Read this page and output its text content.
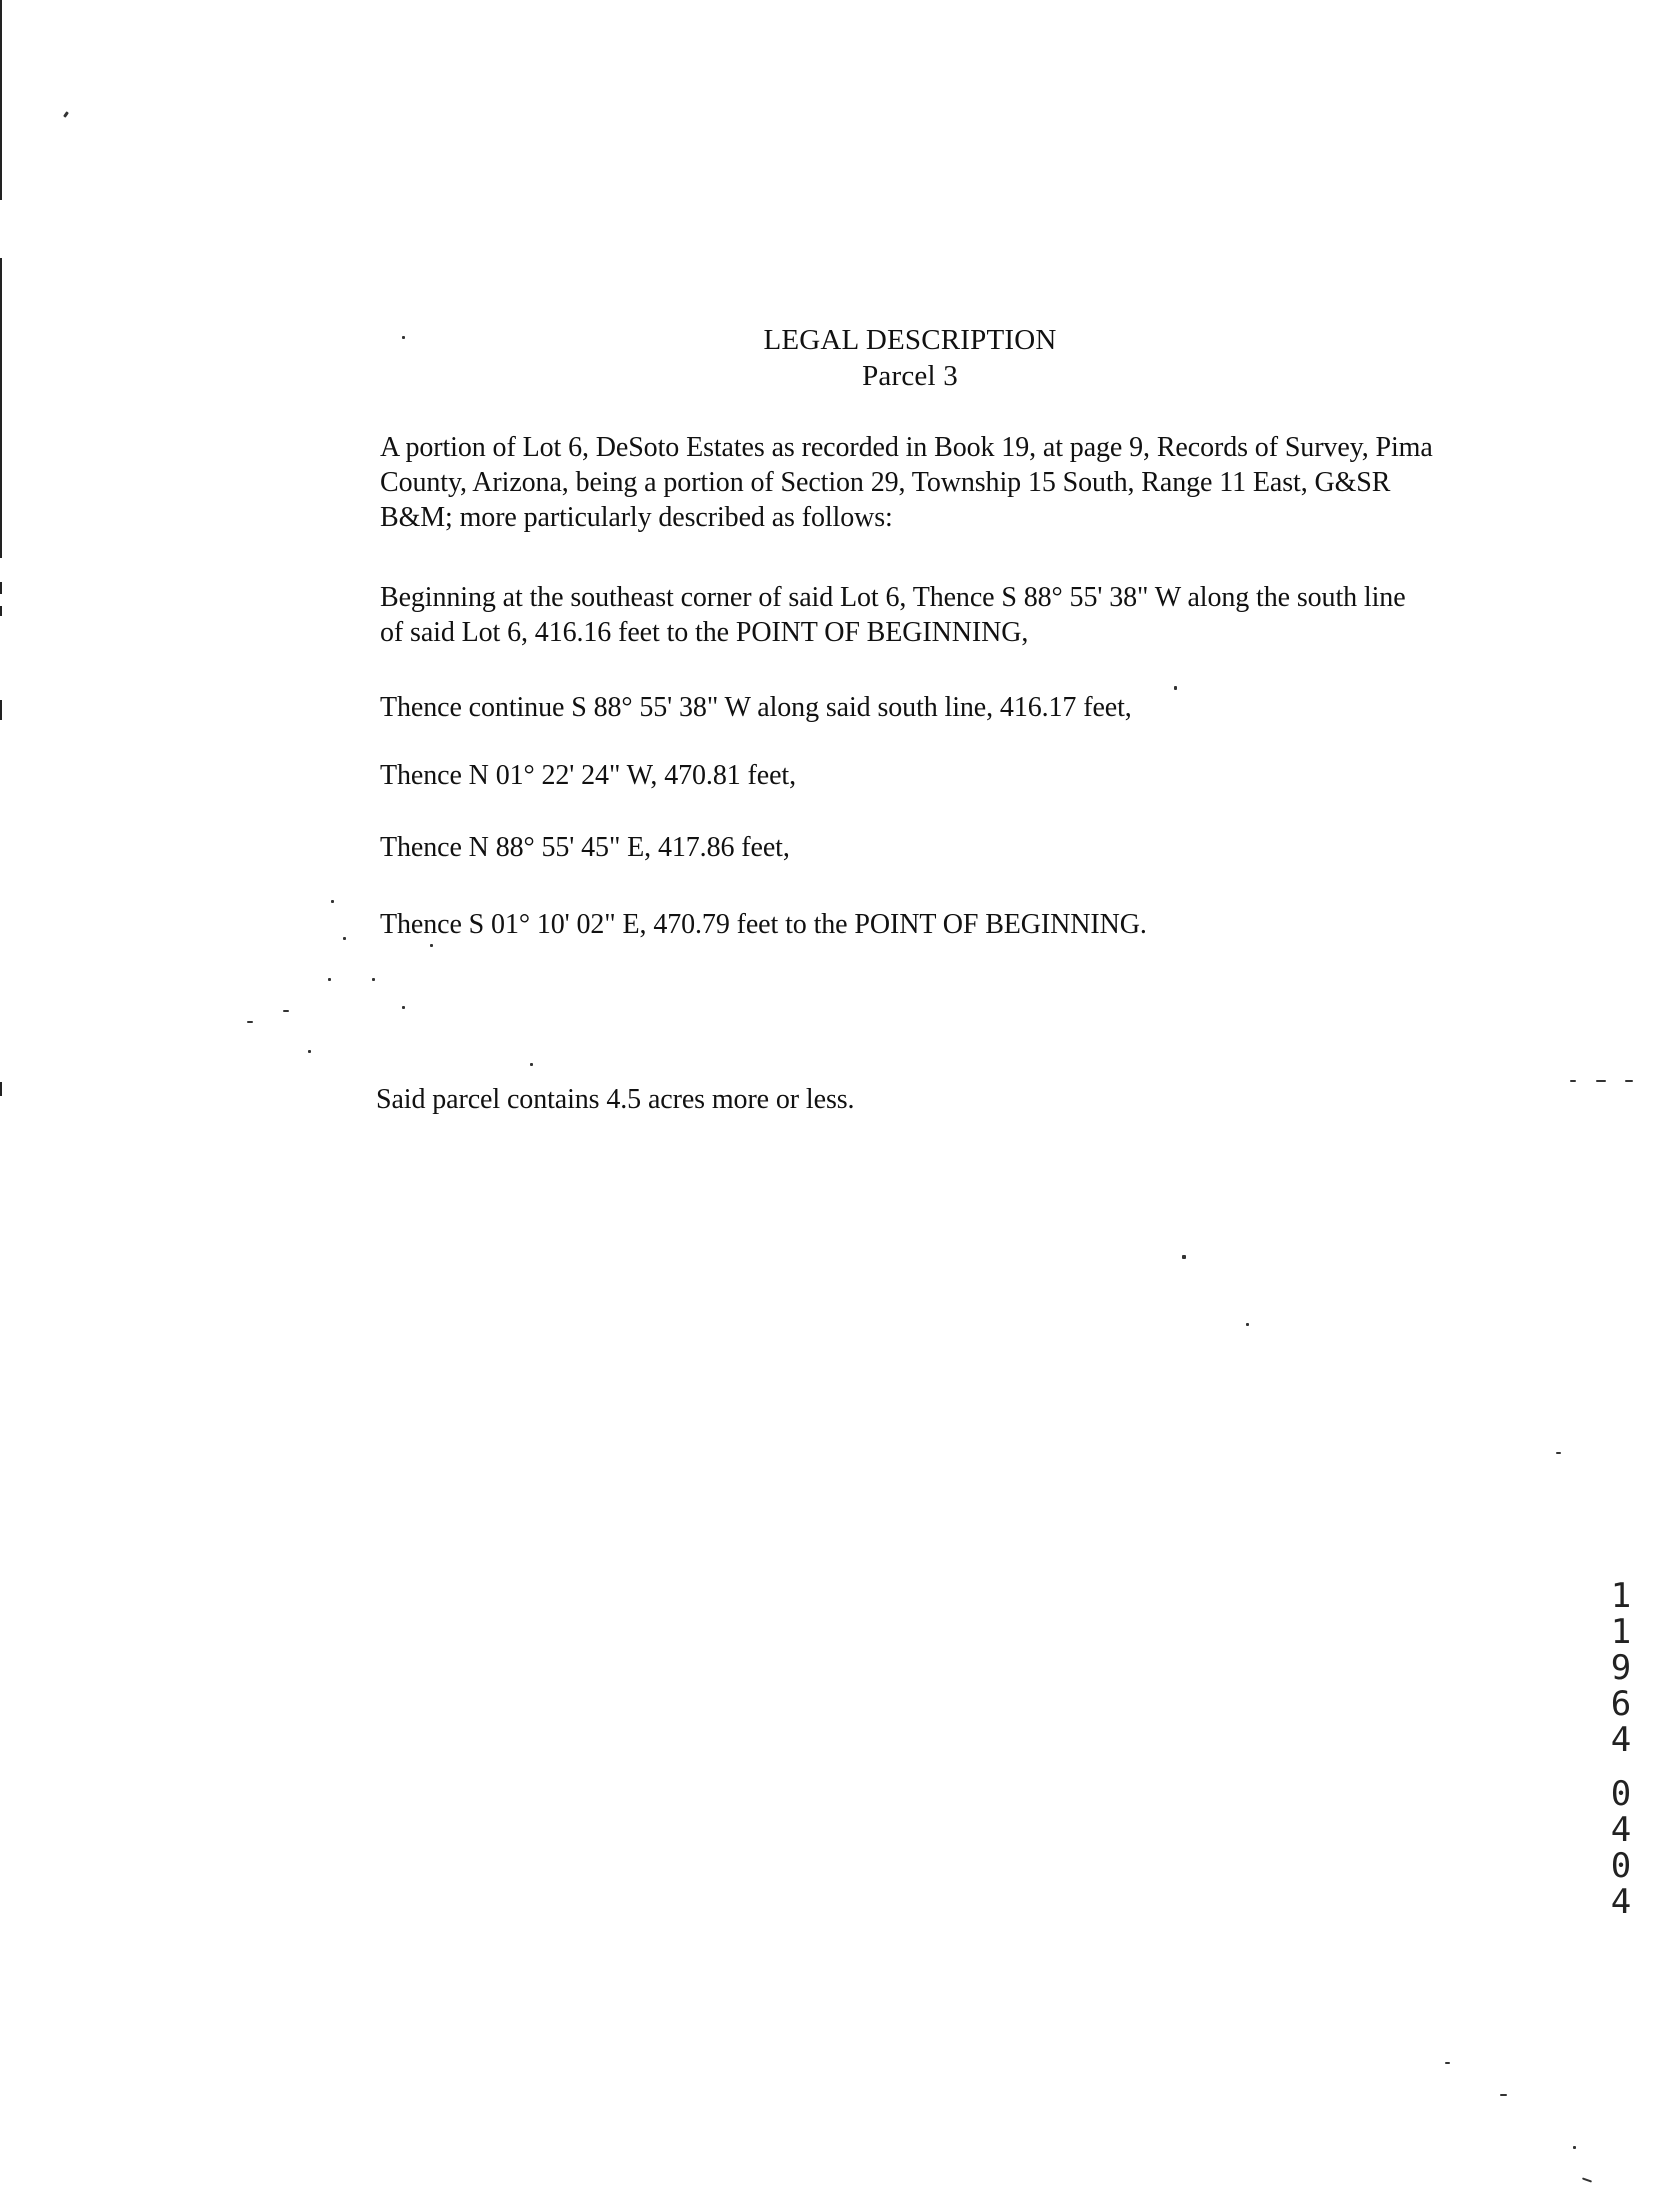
LEGAL DESCRIPTION
Parcel 3
A portion of Lot 6, DeSoto Estates as recorded in Book 19, at page 9, Records of Survey, Pima County, Arizona, being a portion of Section 29, Township 15 South, Range 11 East, G&SR B&M; more particularly described as follows:
Beginning at the southeast corner of said Lot 6, Thence S 88° 55' 38" W along the south line of said Lot 6, 416.16 feet to the POINT OF BEGINNING,
Thence continue S 88° 55' 38" W along said south line, 416.17 feet,
Thence N 01° 22' 24" W, 470.81 feet,
Thence N 88° 55' 45" E, 417.86 feet,
Thence S 01° 10' 02" E, 470.79 feet to the POINT OF BEGINNING.
Said parcel contains 4.5 acres more or less.
1
1
9
6
4
0
4
0
4
